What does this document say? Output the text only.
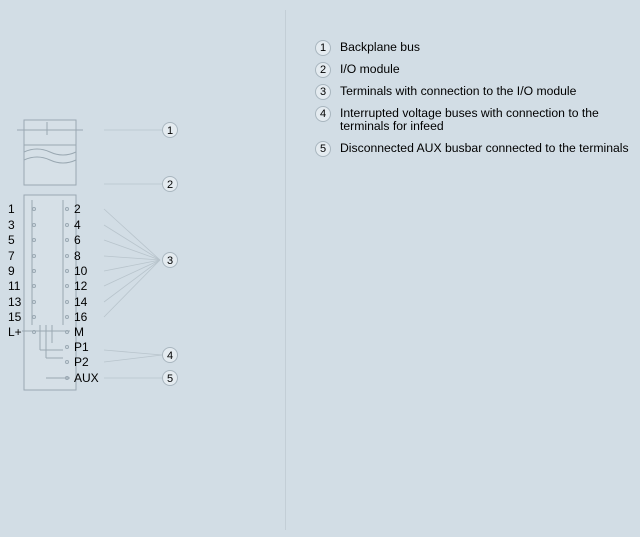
1
3
5
7
9
11
13
15
L+
2
4
6
8
10
12
14
16
M
P1
P2
AUX
1
2
3
4
5
1	Backplane bus
2	I/O module
3	Terminals with connection to the I/O module
4	Interrupted voltage buses with connection to the terminals for infeed
5	Disconnected AUX busbar connected to the terminals
